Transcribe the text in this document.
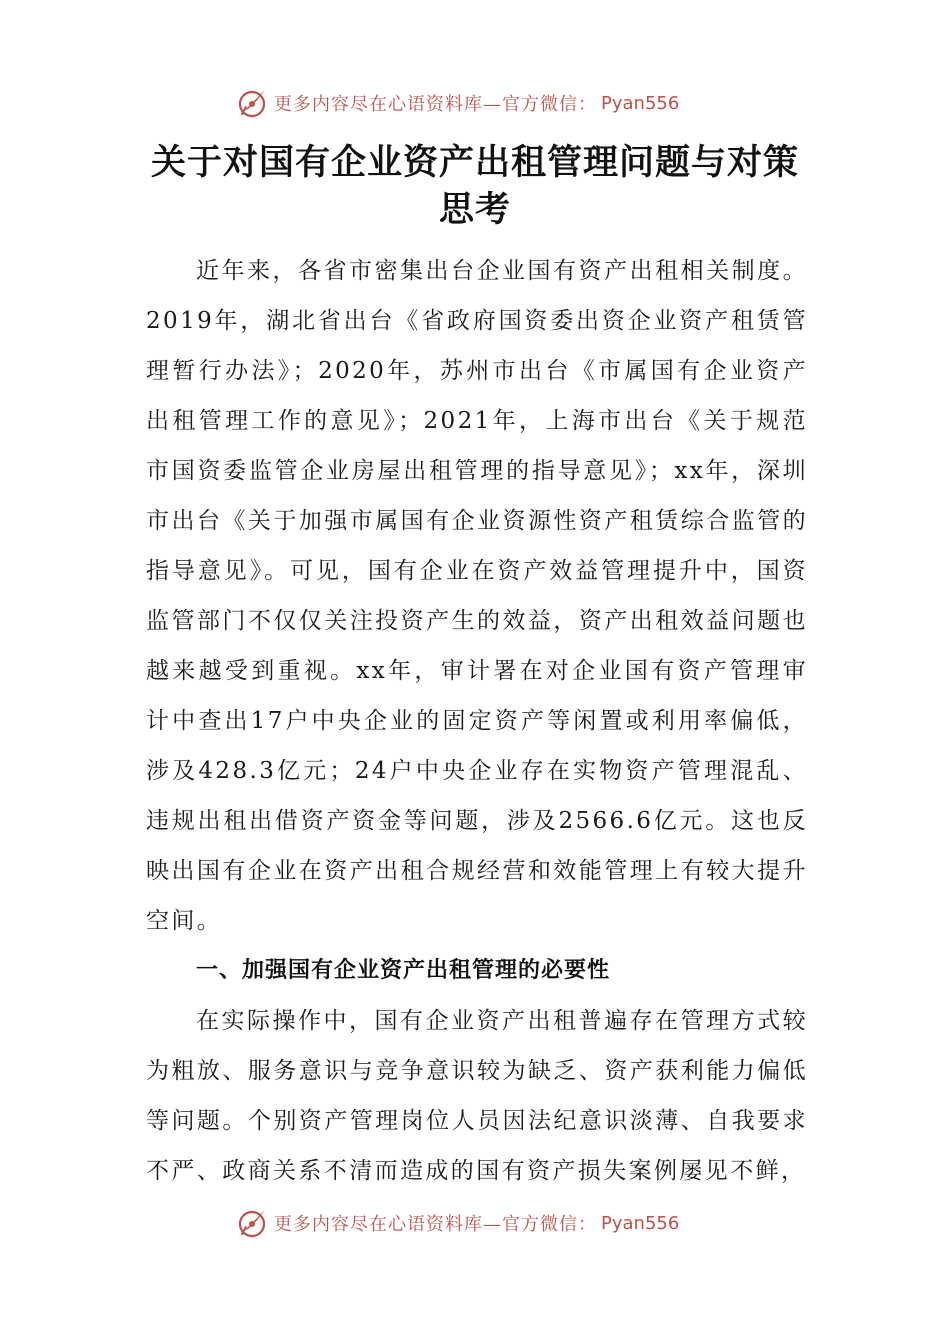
更多内容尽在心语资料库—官方微信： Pyan556
关于对国有企业资产出租管理问题与对策
思考

近年来，各省市密集出台企业国有资产出租相关制度。2019年，湖北省出台《省政府国资委出资企业资产租赁管理暂行办法》；2020年，苏州市出台《市属国有企业资产出租管理工作的意见》；2021年，上海市出台《关于规范市国资委监管企业房屋出租管理的指导意见》；xx年，深圳市出台《关于加强市属国有企业资源性资产租赁综合监管的指导意见》。可见，国有企业在资产效益管理提升中，国资监管部门不仅仅关注投资产生的效益，资产出租效益问题也越来越受到重视。xx年，审计署在对企业国有资产管理审计中查出17户中央企业的固定资产等闲置或利用率偏低，涉及428.3亿元；24户中央企业存在实物资产管理混乱、违规出租出借资产资金等问题，涉及2566.6亿元。这也反映出国有企业在资产出租合规经营和效能管理上有较大提升空间。

一、加强国有企业资产出租管理的必要性

在实际操作中，国有企业资产出租普遍存在管理方式较为粗放、服务意识与竞争意识较为缺乏、资产获利能力偏低等问题。个别资产管理岗位人员因法纪意识淡薄、自我要求不严、政商关系不清而造成的国有资产损失案例屡见不鲜，

更多内容尽在心语资料库—官方微信： Pyan556
